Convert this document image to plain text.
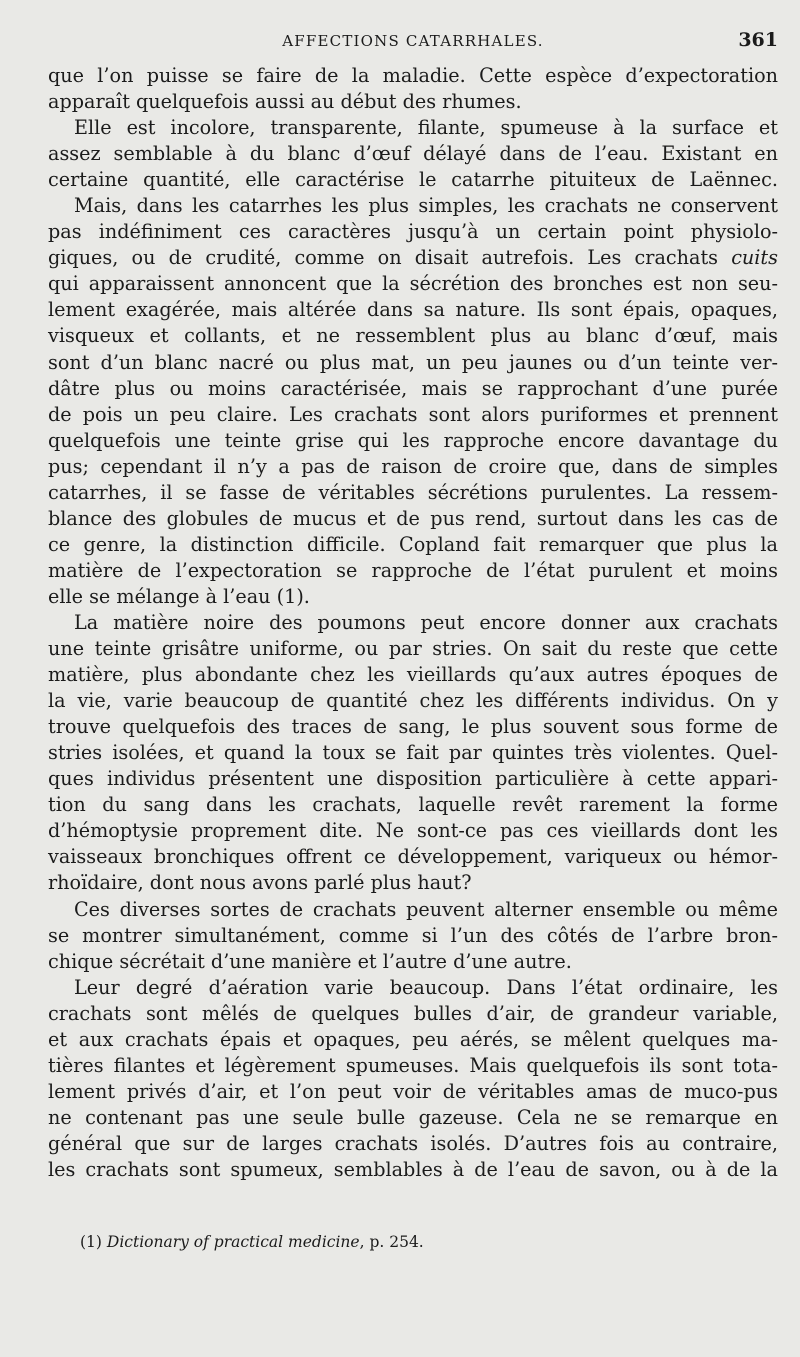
AFFECTIONS CATARRHALES.	361
que l’on puisse se faire de la maladie. Cette espèce d’expectoration
apparaît quelquefois aussi au début des rhumes.
Elle est incolore, transparente, filante, spumeuse à la surface et
assez semblable à du blanc d’œuf délayé dans de l’eau. Existant en
certaine quantité, elle caractérise le catarrhe pituiteux de Laënnec.
Mais, dans les catarrhes les plus simples, les crachats ne conservent
pas indéfiniment ces caractères jusqu’à un certain point physiolo-
giques, ou de crudité, comme on disait autrefois. Les crachats cuits
qui apparaissent annoncent que la sécrétion des bronches est non seu-
lement exagérée, mais altérée dans sa nature. Ils sont épais, opaques,
visqueux et collants, et ne ressemblent plus au blanc d’œuf, mais
sont d’un blanc nacré ou plus mat, un peu jaunes ou d’un teinte ver-
dâtre plus ou moins caractérisée, mais se rapprochant d’une purée
de pois un peu claire. Les crachats sont alors puriformes et prennent
quelquefois une teinte grise qui les rapproche encore davantage du
pus; cependant il n’y a pas de raison de croire que, dans de simples
catarrhes, il se fasse de véritables sécrétions purulentes. La ressem-
blance des globules de mucus et de pus rend, surtout dans les cas de
ce genre, la distinction difficile. Copland fait remarquer que plus la
matière de l’expectoration se rapproche de l’état purulent et moins
elle se mélange à l’eau (1).
La matière noire des poumons peut encore donner aux crachats
une teinte grisâtre uniforme, ou par stries. On sait du reste que cette
matière, plus abondante chez les vieillards qu’aux autres époques de
la vie, varie beaucoup de quantité chez les différents individus. On y
trouve quelquefois des traces de sang, le plus souvent sous forme de
stries isolées, et quand la toux se fait par quintes très violentes. Quel-
ques individus présentent une disposition particulière à cette appari-
tion du sang dans les crachats, laquelle revêt rarement la forme
d’hémoptysie proprement dite. Ne sont-ce pas ces vieillards dont les
vaisseaux bronchiques offrent ce développement, variqueux ou hémor-
rhoïdaire, dont nous avons parlé plus haut?
Ces diverses sortes de crachats peuvent alterner ensemble ou même
se montrer simultanément, comme si l’un des côtés de l’arbre bron-
chique sécrétait d’une manière et l’autre d’une autre.
Leur degré d’aération varie beaucoup. Dans l’état ordinaire, les
crachats sont mêlés de quelques bulles d’air, de grandeur variable,
et aux crachats épais et opaques, peu aérés, se mêlent quelques ma-
tières filantes et légèrement spumeuses. Mais quelquefois ils sont tota-
lement privés d’air, et l’on peut voir de véritables amas de muco-pus
ne contenant pas une seule bulle gazeuse. Cela ne se remarque en
général que sur de larges crachats isolés. D’autres fois au contraire,
les crachats sont spumeux, semblables à de l’eau de savon, ou à de la
(1) Dictionary of practical medicine, p. 254.
